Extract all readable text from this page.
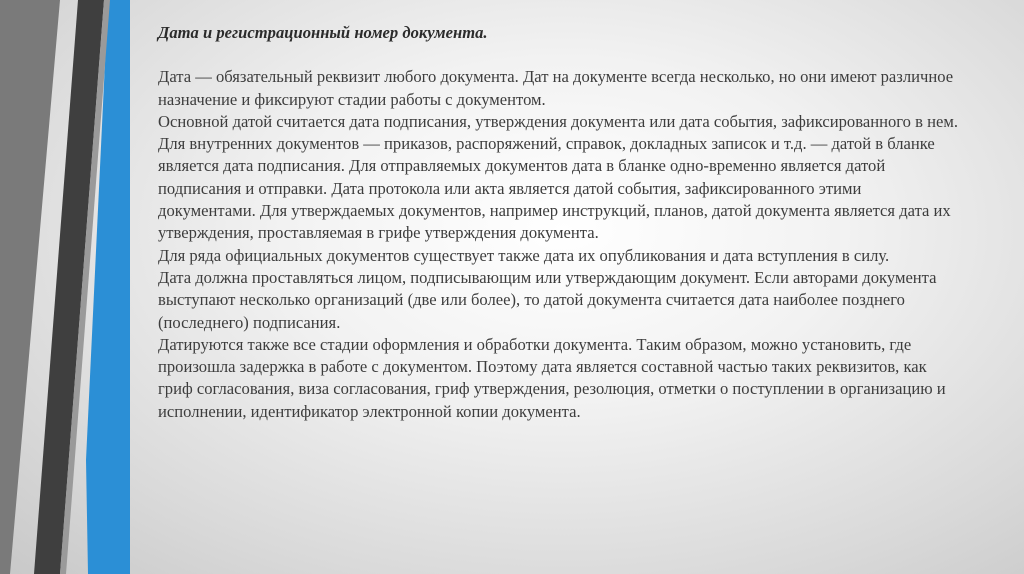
Дата и регистрационный номер документа.

Дата — обязательный реквизит любого документа. Дат на документе всегда несколько, но они имеют различное назначение и фиксируют стадии работы с документом.

Основной датой считается дата подписания, утверждения документа или дата события, зафиксированного в нем. Для внутренних документов — приказов, распоряжений, справок, докладных записок и т.д. — датой в бланке является дата подписания. Для отправляемых документов дата в бланке одно-временно является датой подписания и отправки. Дата протокола или акта является датой события, зафиксированного этими документами. Для утверждаемых документов, например инструкций, планов, датой документа является дата их утверждения, проставляемая в грифе утверждения документа.

Для ряда официальных документов существует также дата их опубликования и дата вступления в силу.

Дата должна проставляться лицом, подписывающим или утверждающим документ. Если авторами документа выступают несколько организаций (две или более), то датой документа считается дата наиболее позднего (последнего) подписания.

Датируются также все стадии оформления и обработки документа. Таким образом, можно установить, где произошла задержка в работе с документом. Поэтому дата является составной частью таких реквизитов, как гриф согласования, виза согласования, гриф утверждения, резолюция, отметки о поступлении в организацию и исполнении, идентификатор электронной копии документа.
